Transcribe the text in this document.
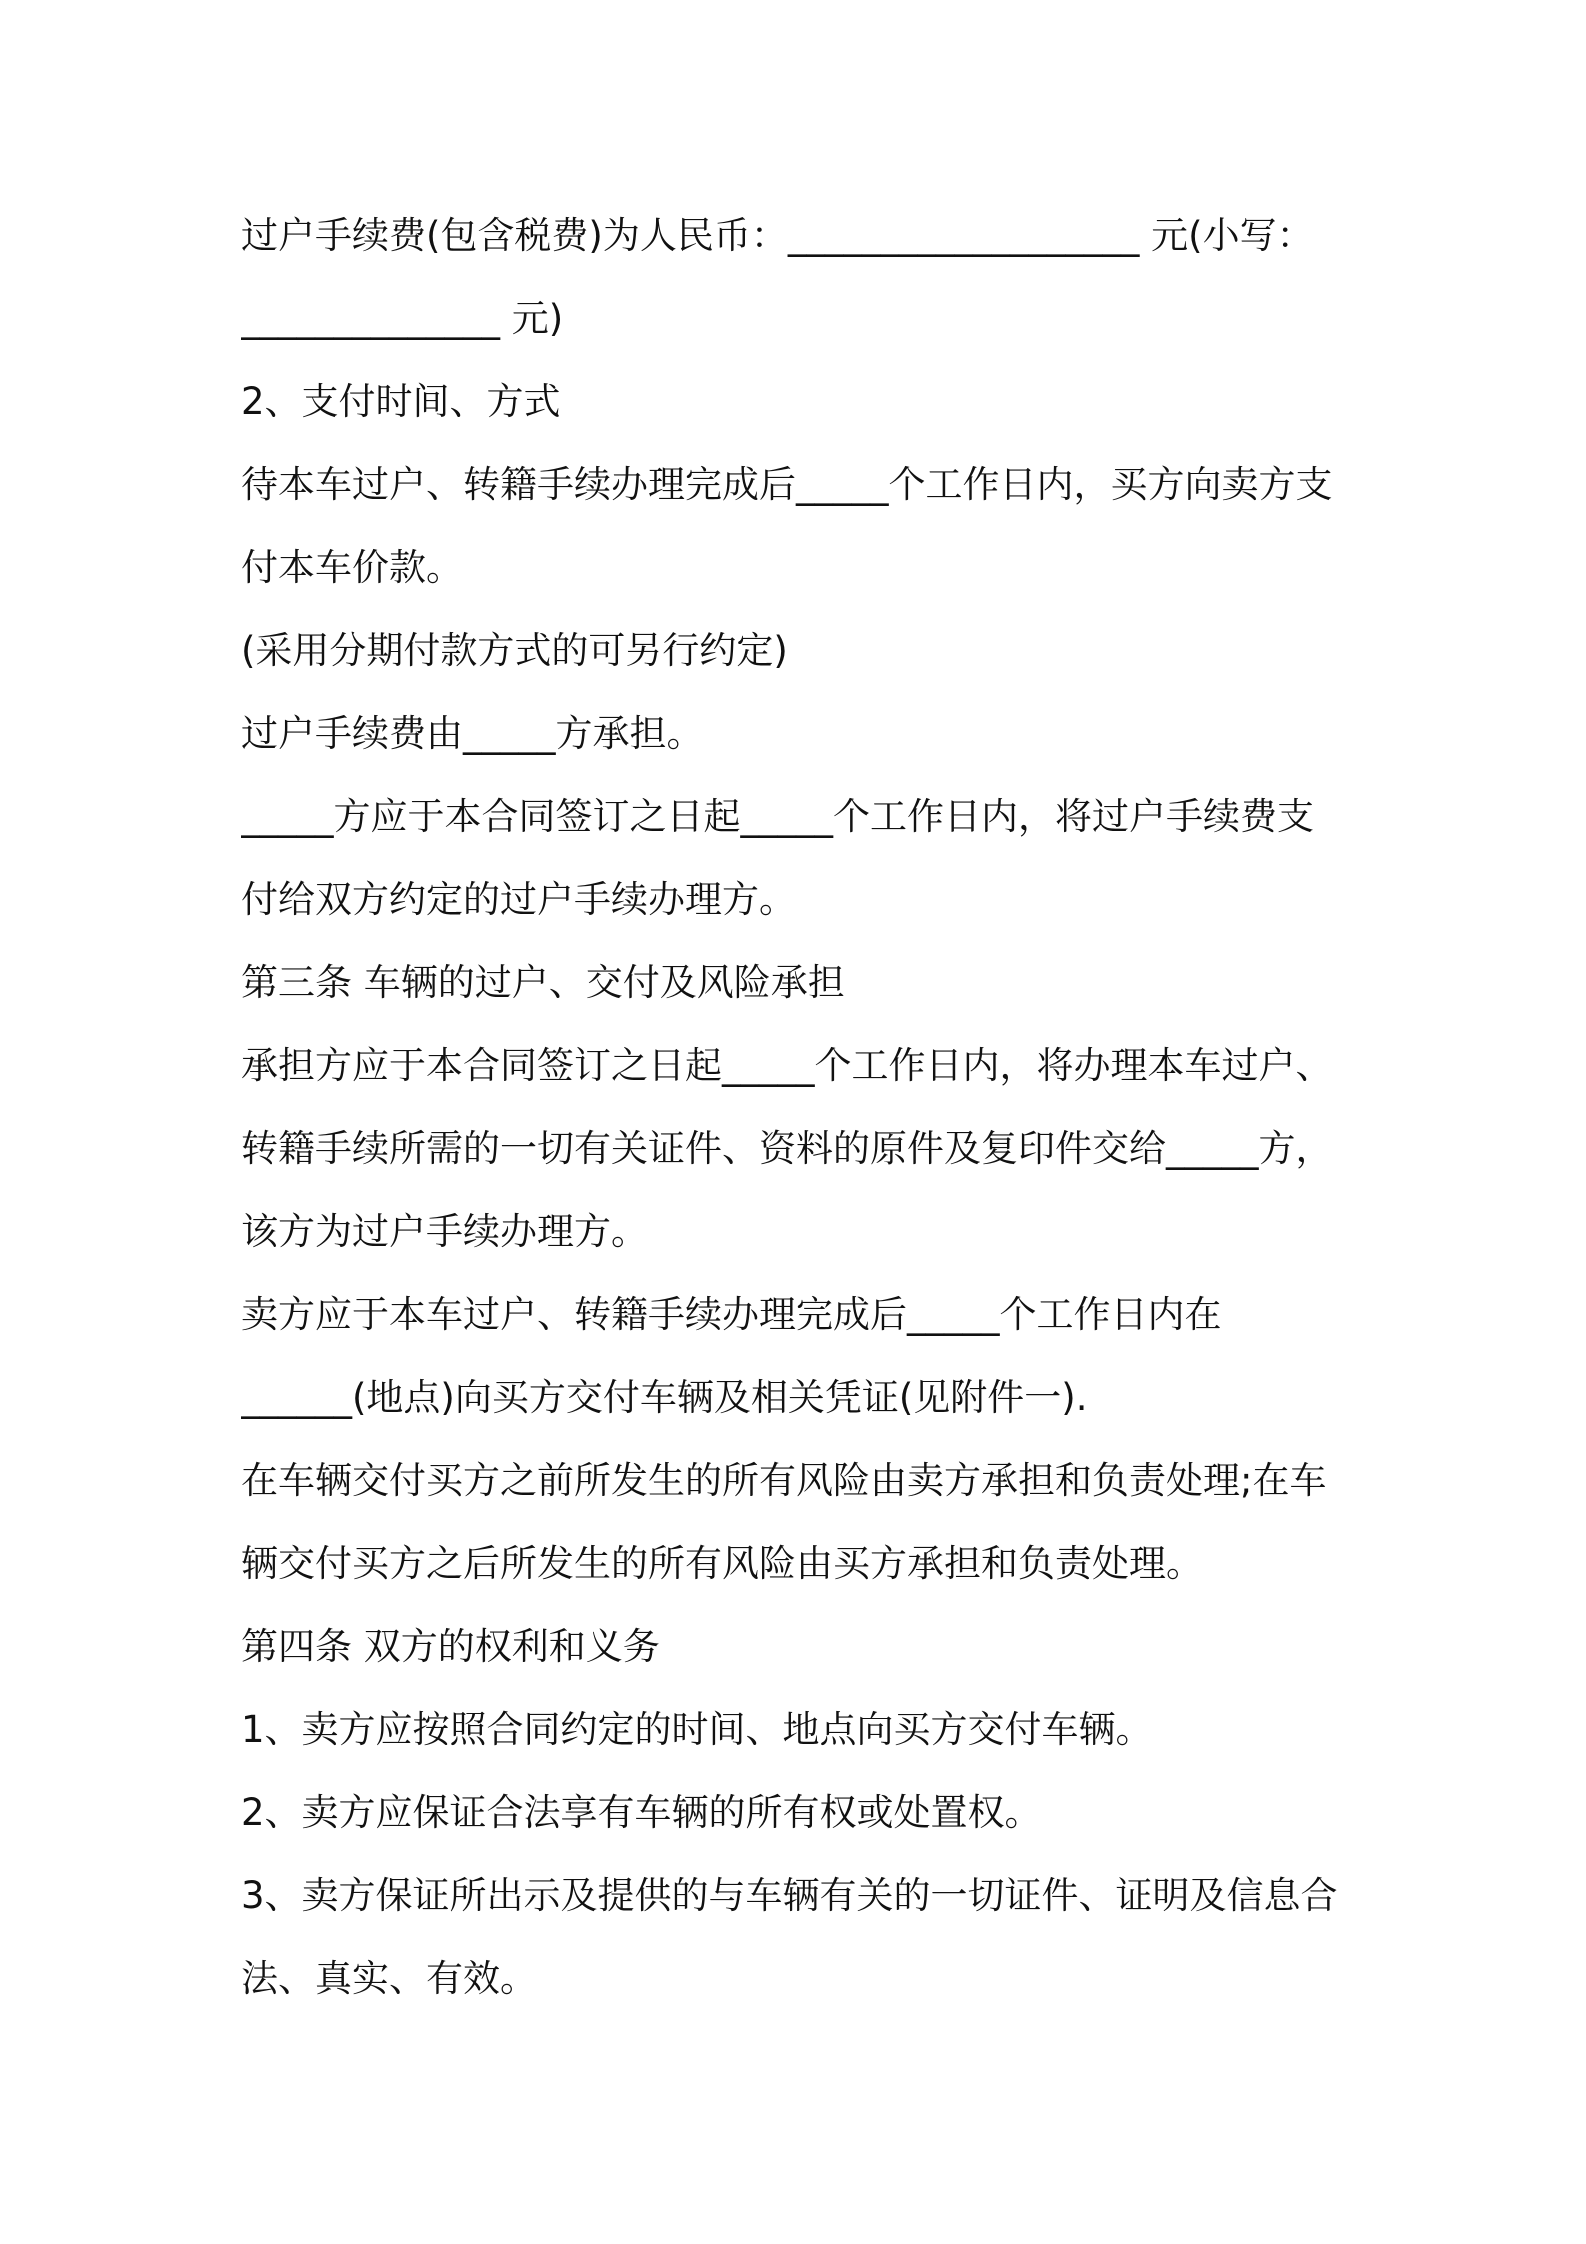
过户手续费(包含税费)为人民币：___________________ 元(小写：
______________ 元)
2、支付时间、方式
待本车过户、转籍手续办理完成后_____个工作日内，买方向卖方支
付本车价款。
(采用分期付款方式的可另行约定)
过户手续费由_____方承担。
_____方应于本合同签订之日起_____个工作日内，将过户手续费支
付给双方约定的过户手续办理方。
第三条 车辆的过户、交付及风险承担
承担方应于本合同签订之日起_____个工作日内，将办理本车过户、
转籍手续所需的一切有关证件、资料的原件及复印件交给_____方，
该方为过户手续办理方。
卖方应于本车过户、转籍手续办理完成后_____个工作日内在
______(地点)向买方交付车辆及相关凭证(见附件一).
在车辆交付买方之前所发生的所有风险由卖方承担和负责处理;在车
辆交付买方之后所发生的所有风险由买方承担和负责处理。
第四条 双方的权利和义务
1、卖方应按照合同约定的时间、地点向买方交付车辆。
2、卖方应保证合法享有车辆的所有权或处置权。
3、卖方保证所出示及提供的与车辆有关的一切证件、证明及信息合
法、真实、有效。
